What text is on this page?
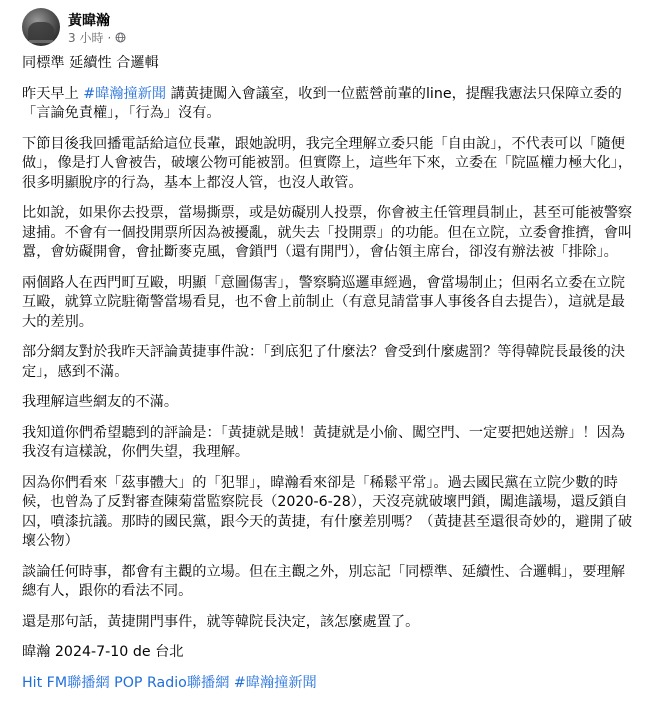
黃暐瀚
3 小時 ·

同標準 延續性 合邏輯

昨天早上 #暐瀚撞新聞 講黃捷闖入會議室，收到一位藍營前輩的line，提醒我憲法只保障立委的「言論免責權」，「行為」沒有。

下節目後我回播電話給這位長輩，跟她說明，我完全理解立委只能「自由說」，不代表可以「隨便做」，像是打人會被告，破壞公物可能被罰。但實際上，這些年下來，立委在「院區權力極大化」，很多明顯脫序的行為，基本上都沒人管，也沒人敢管。

比如說，如果你去投票，當場撕票，或是妨礙別人投票，你會被主任管理員制止，甚至可能被警察逮捕。不會有一個投開票所因為被擾亂，就失去「投開票」的功能。但在立院，立委會推擠，會叫囂，會妨礙開會，會扯斷麥克風，會鎖門（還有開門），會佔領主席台，卻沒有辦法被「排除」。

兩個路人在西門町互毆，明顯「意圖傷害」，警察騎巡邏車經過，會當場制止；但兩名立委在立院互毆，就算立院駐衛警當場看見，也不會上前制止（有意見請當事人事後各自去提告），這就是最大的差別。

部分網友對於我昨天評論黃捷事件說：「到底犯了什麼法？會受到什麼處罰？等得韓院長最後的決定」，感到不滿。

我理解這些網友的不滿。

我知道你們希望聽到的評論是：「黃捷就是賊！黃捷就是小偷、闖空門、一定要把她送辦」！因為我沒有這樣說，你們失望，我理解。

因為你們看來「茲事體大」的「犯罪」，暐瀚看來卻是「稀鬆平常」。過去國民黨在立院少數的時候，也曾為了反對審查陳菊當監察院長（2020-6-28），天沒亮就破壞門鎖，闖進議場，還反鎖自囚，噴漆抗議。那時的國民黨，跟今天的黃捷，有什麼差別嗎？（黃捷甚至還很奇妙的，避開了破壞公物）

談論任何時事，都會有主觀的立場。但在主觀之外，別忘記「同標準、延續性、合邏輯」，要理解總有人，跟你的看法不同。

還是那句話，黃捷開門事件，就等韓院長決定，該怎麼處置了。

暐瀚 2024-7-10 de 台北

Hit FM聯播網 POP Radio聯播網 #暐瀚撞新聞
